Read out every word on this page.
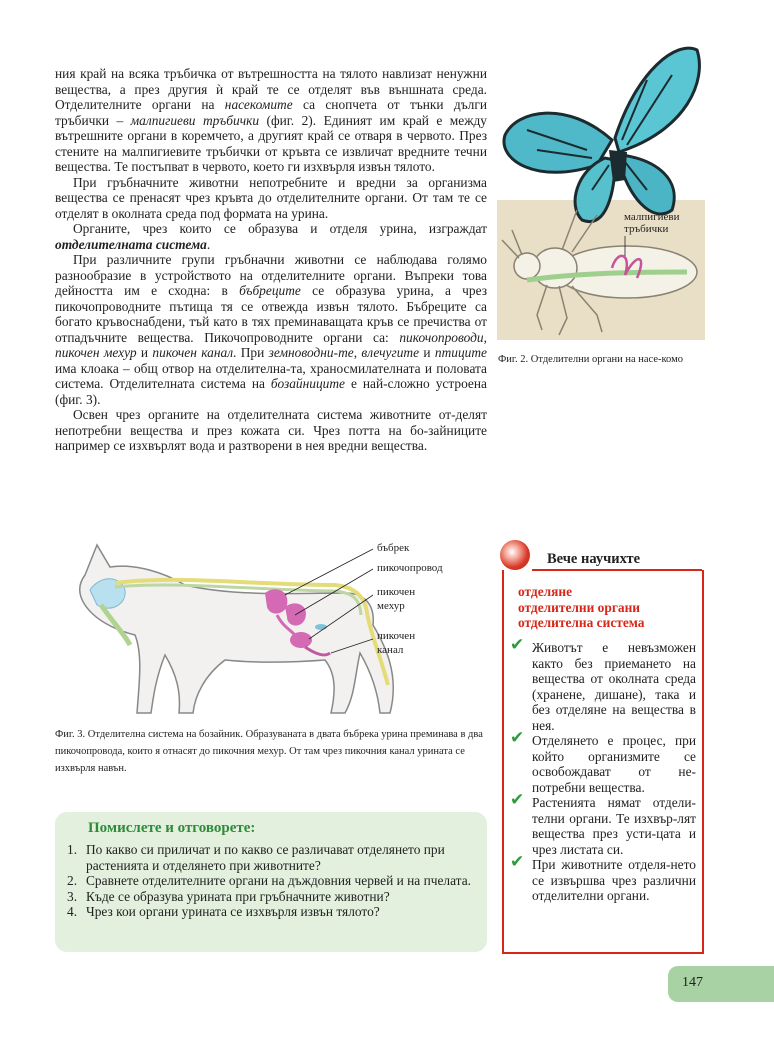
ния край на всяка тръбичка от вътрешността на тялото навлизат ненужни вещества, а през другия ѝ край те се отделят във външната среда. Отделителните органи на насекомите са снопчета от тънки дълги тръбички – малпигиеви тръбички (фиг. 2). Единият им край е между вътрешните органи в коремчето, а другият край се отваря в червото. През стените на малпигиевите тръбички от кръвта се извличат вредните течни вещества. Те постъпват в червото, което ги изхвърля извън тялото.

При гръбначните животни непотребните и вредни за организма вещества се пренасят чрез кръвта до отделителните органи. От там те се отделят в околната среда под формата на урина.

Органите, чрез които се образува и отделя урина, изграждат отделителната система.

При различните групи гръбначни животни се наблюдава голямо разнообразие в устройството на отделителните органи. Въпреки това дейността им е сходна: в бъбреците се образува урина, а чрез пикочопроводните пътища тя се отвежда извън тялото. Бъбреците са богато кръвоснабдени, тъй като в тях преминаващата кръв се пречиства от отпадъчните вещества. Пикочопроводните органи са: пикочопроводи, пикочен мехур и пикочен канал. При земноводни-те, влечугите и птиците има клоака – общ отвор на отделителна-та, храносмилателната и половата система. Отделителната система на бозайниците е най-сложно устроена (фиг. 3).

Освен чрез органите на отделителната система животните от-делят непотребни вещества и през кожата си. Чрез потта на бо-зайниците например се изхвърлят вода и разтворени в нея вредни вещества.

малпигиеви тръбички
Фиг. 2. Отделителни органи на насе-комо
бъбрек пикочопровод пикочен мехур пикочен канал
Фиг. 3. Отделителна система на бозайник. Образуваната в двата бъбрека урина преминава в два пикочопровода, които я отнасят до пикочния мехур. От там чрез пикочния канал урината се изхвърля навън.
Помислете и отговорете:
1. По какво си приличат и по какво се различават отделянето при растенията и отделянето при животните?
2. Сравнете отделителните органи на дъждовния червей и на пчелата.
3. Къде се образува урината при гръбначните животни?
4. Чрез кои органи урината се изхвърля извън тялото?
Вече научихте
отделяне
отделителни органи
отделителна система
✔ Животът е невъзможен както без приемането на вещества от околната среда (хранене, дишане), така и без отделяне на вещества в нея.
✔ Отделянето е процес, при който организмите се освобождават от не-потребни вещества.
✔ Растенията нямат отдели-телни органи. Те изхвър-лят вещества през усти-цата и чрез листата си.
✔ При животните отделя-нето се извършва чрез различни отделителни органи.
147
